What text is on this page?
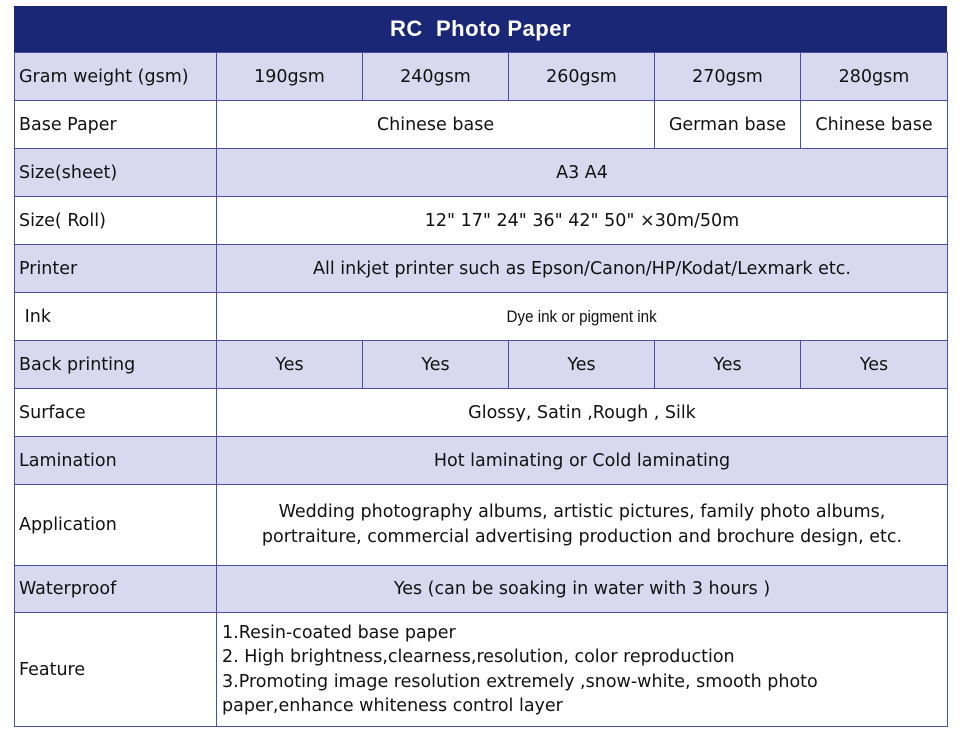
RC  Photo Paper
Gram weight (gsm)	190gsm	240gsm	260gsm	270gsm	280gsm
Base Paper	Chinese base			German base	Chinese base
Size(sheet)	A3 A4				
Size( Roll)	12" 17" 24" 36" 42" 50" ×30m/50m				
Printer	All inkjet printer such as Epson/Canon/HP/Kodat/Lexmark etc.				
Ink	Dye ink or pigment ink				
Back printing	Yes	Yes	Yes	Yes	Yes
Surface	Glossy, Satin ,Rough , Silk				
Lamination	Hot laminating or Cold laminating				
Application	Wedding photography albums, artistic pictures, family photo albums,
portraiture, commercial advertising production and brochure design, etc.				

Waterproof	Yes (can be soaking in water with 3 hours )				
Feature	1.Resin-coated base paper
2. High brightness,clearness,resolution, color reproduction
3.Promoting image resolution extremely ,snow-white, smooth photo
paper,enhance whiteness control layer				
